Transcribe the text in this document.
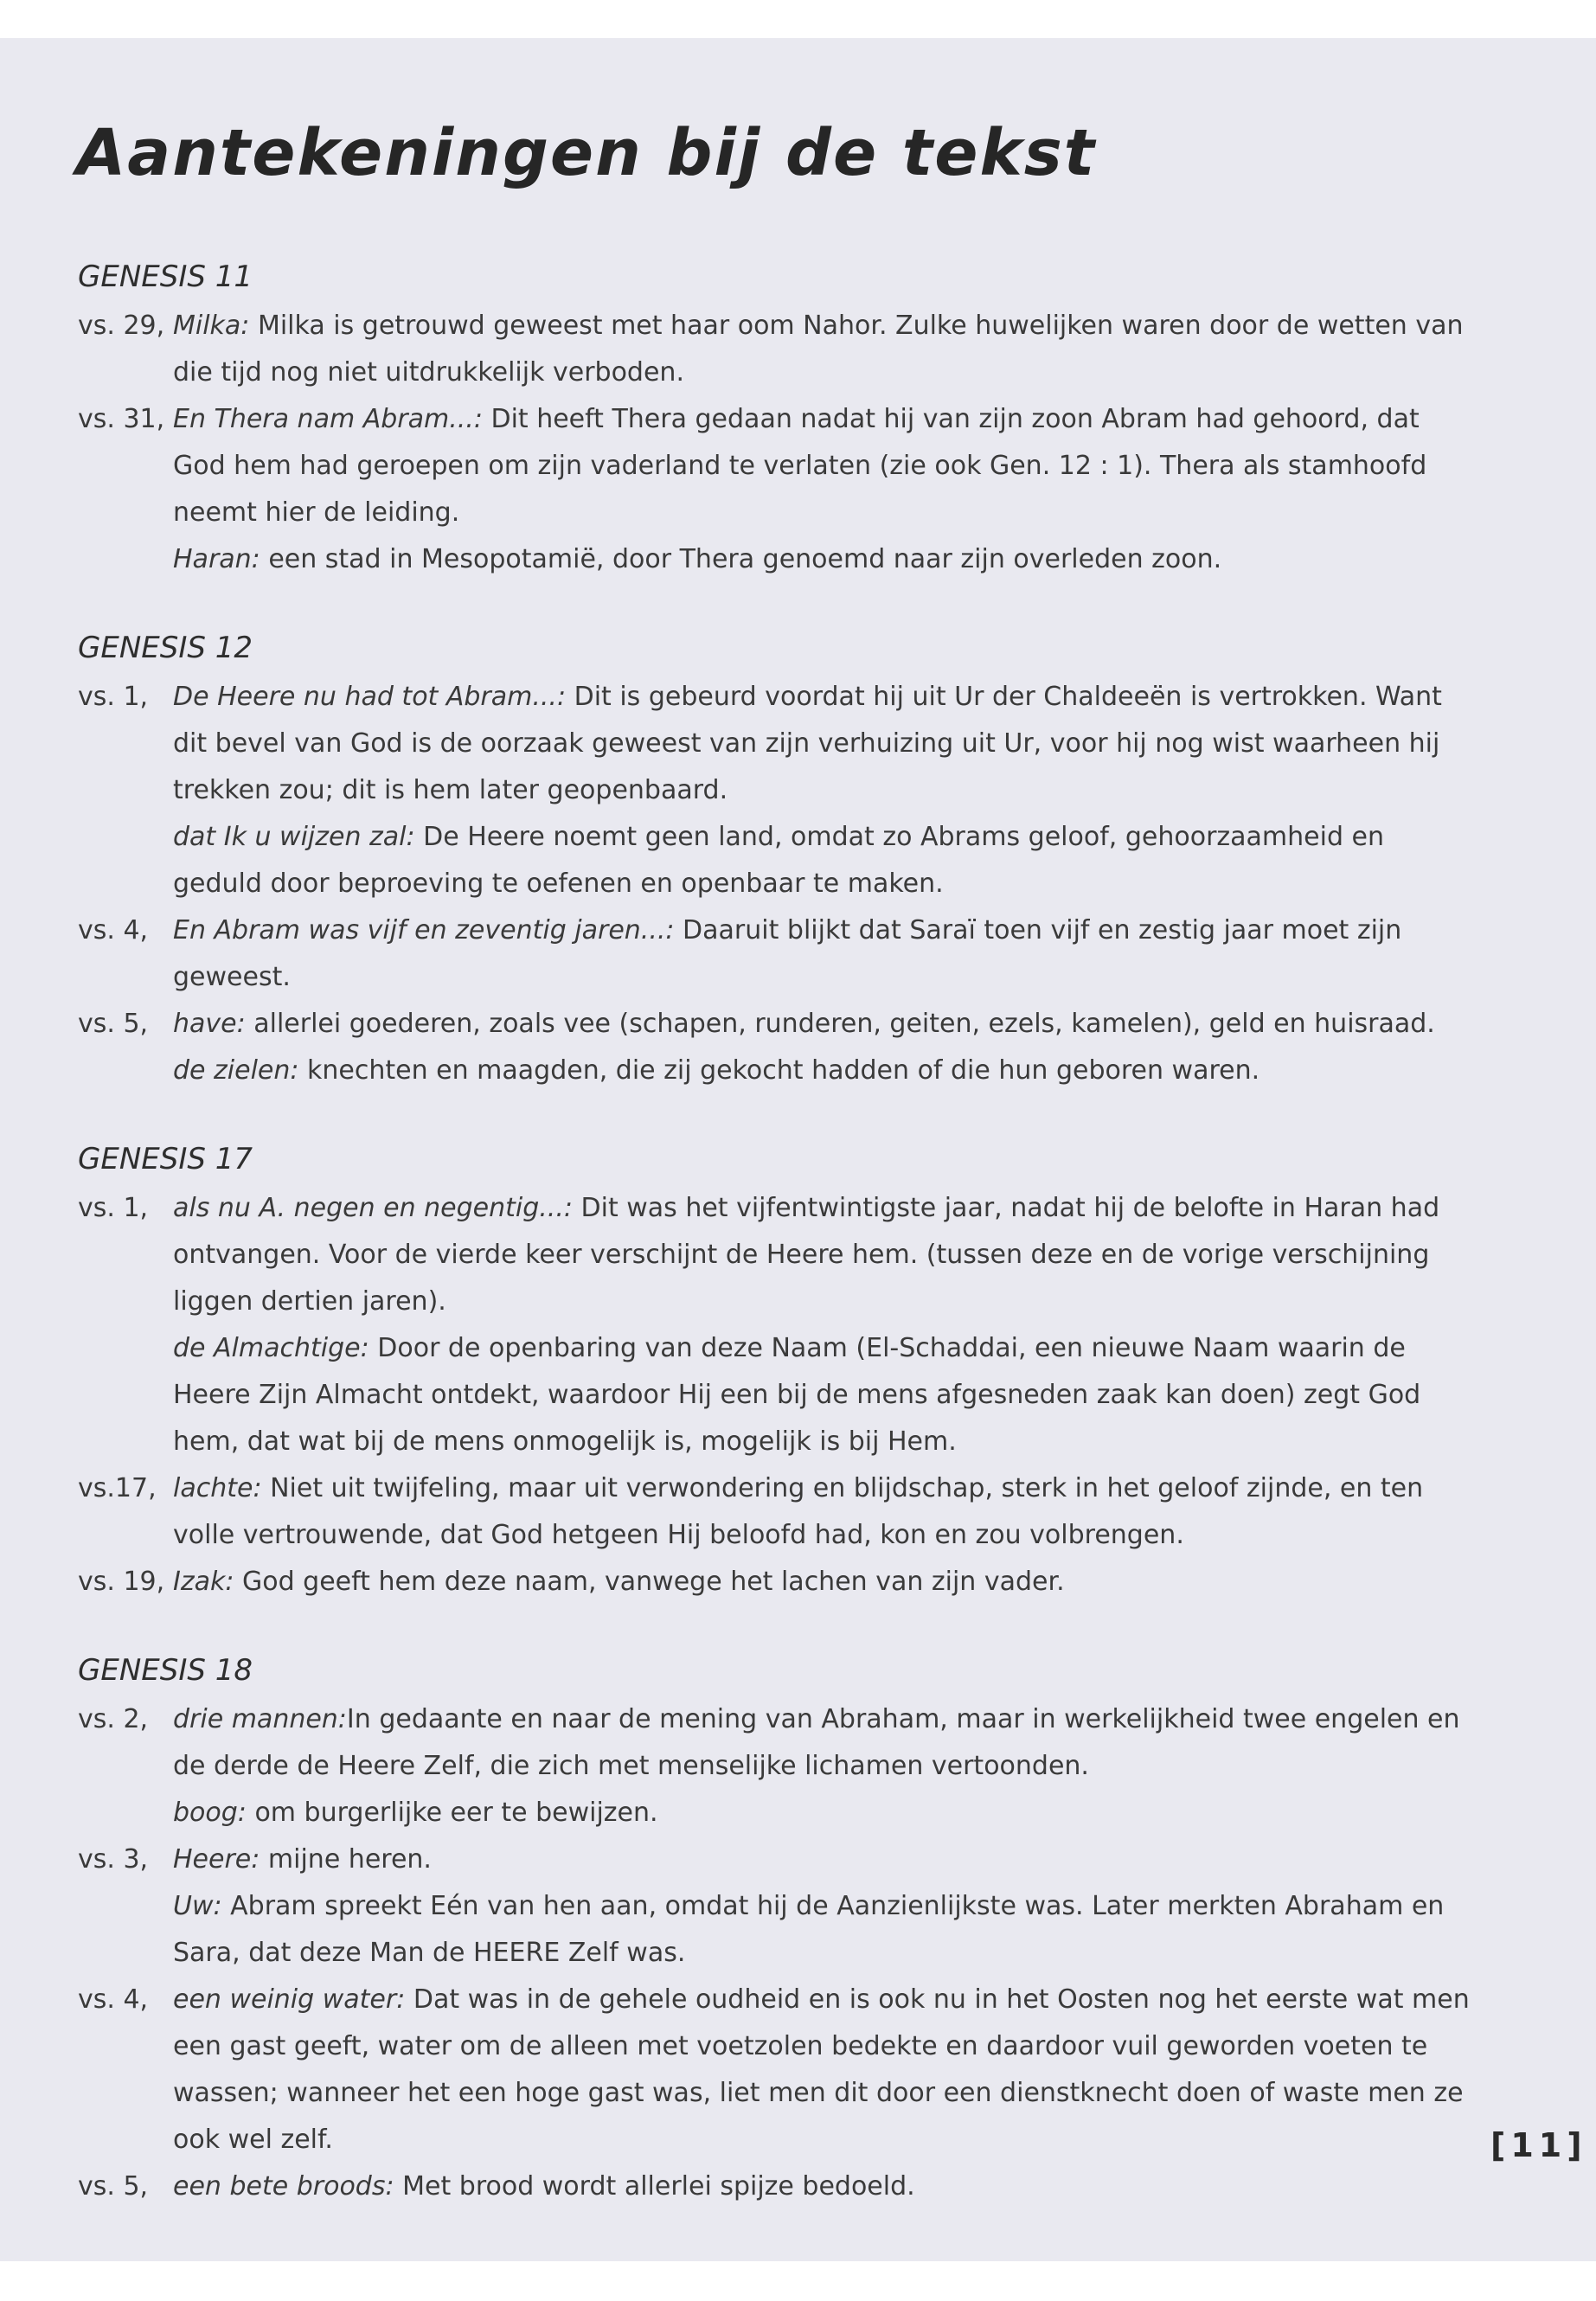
Aantekeningen bij de tekst
GENESIS 11
vs. 29, Milka: Milka is getrouwd geweest met haar oom Nahor. Zulke huwelijken waren door de wetten van die tijd nog niet uitdrukkelijk verboden.
vs. 31, En Thera nam Abram...: Dit heeft Thera gedaan nadat hij van zijn zoon Abram had gehoord, dat God hem had geroepen om zijn vaderland te verlaten (zie ook Gen. 12 : 1). Thera als stamhoofd neemt hier de leiding.
Haran: een stad in Mesopotamië, door Thera genoemd naar zijn overleden zoon.
GENESIS 12
vs. 1, De Heere nu had tot Abram...: Dit is gebeurd voordat hij uit Ur der Chaldeeën is vertrokken. Want dit bevel van God is de oorzaak geweest van zijn verhuizing uit Ur, voor hij nog wist waarheen hij trekken zou; dit is hem later geopenbaard.
dat Ik u wijzen zal: De Heere noemt geen land, omdat zo Abrams geloof, gehoorzaamheid en geduld door beproeving te oefenen en openbaar te maken.
vs. 4, En Abram was vijf en zeventig jaren...: Daaruit blijkt dat Saraï toen vijf en zestig jaar moet zijn geweest.
vs. 5, have: allerlei goederen, zoals vee (schapen, runderen, geiten, ezels, kamelen), geld en huisraad.
de zielen: knechten en maagden, die zij gekocht hadden of die hun geboren waren.
GENESIS 17
vs. 1, als nu A. negen en negentig...: Dit was het vijfentwintigste jaar, nadat hij de belofte in Haran had ontvangen. Voor de vierde keer verschijnt de Heere hem. (tussen deze en de vorige verschijning liggen dertien jaren).
de Almachtige: Door de openbaring van deze Naam (El-Schaddai, een nieuwe Naam waarin de Heere Zijn Almacht ontdekt, waardoor Hij een bij de mens afgesneden zaak kan doen) zegt God hem, dat wat bij de mens onmogelijk is, mogelijk is bij Hem.
vs.17, lachte: Niet uit twijfeling, maar uit verwondering en blijdschap, sterk in het geloof zijnde, en ten volle vertrouwende, dat God hetgeen Hij beloofd had, kon en zou volbrengen.
vs. 19, Izak: God geeft hem deze naam, vanwege het lachen van zijn vader.
GENESIS 18
vs. 2, drie mannen:In gedaante en naar de mening van Abraham, maar in werkelijkheid twee engelen en de derde de Heere Zelf, die zich met menselijke lichamen vertoonden.
boog: om burgerlijke eer te bewijzen.
vs. 3, Heere: mijne heren.
Uw: Abram spreekt Eén van hen aan, omdat hij de Aanzienlijkste was. Later merkten Abraham en Sara, dat deze Man de HEERE Zelf was.
vs. 4, een weinig water: Dat was in de gehele oudheid en is ook nu in het Oosten nog het eerste wat men een gast geeft, water om de alleen met voetzolen bedekte en daardoor vuil geworden voeten te wassen; wanneer het een hoge gast was, liet men dit door een dienstknecht doen of waste men ze ook wel zelf.
vs. 5, een bete broods: Met brood wordt allerlei spijze bedoeld.
[11]
